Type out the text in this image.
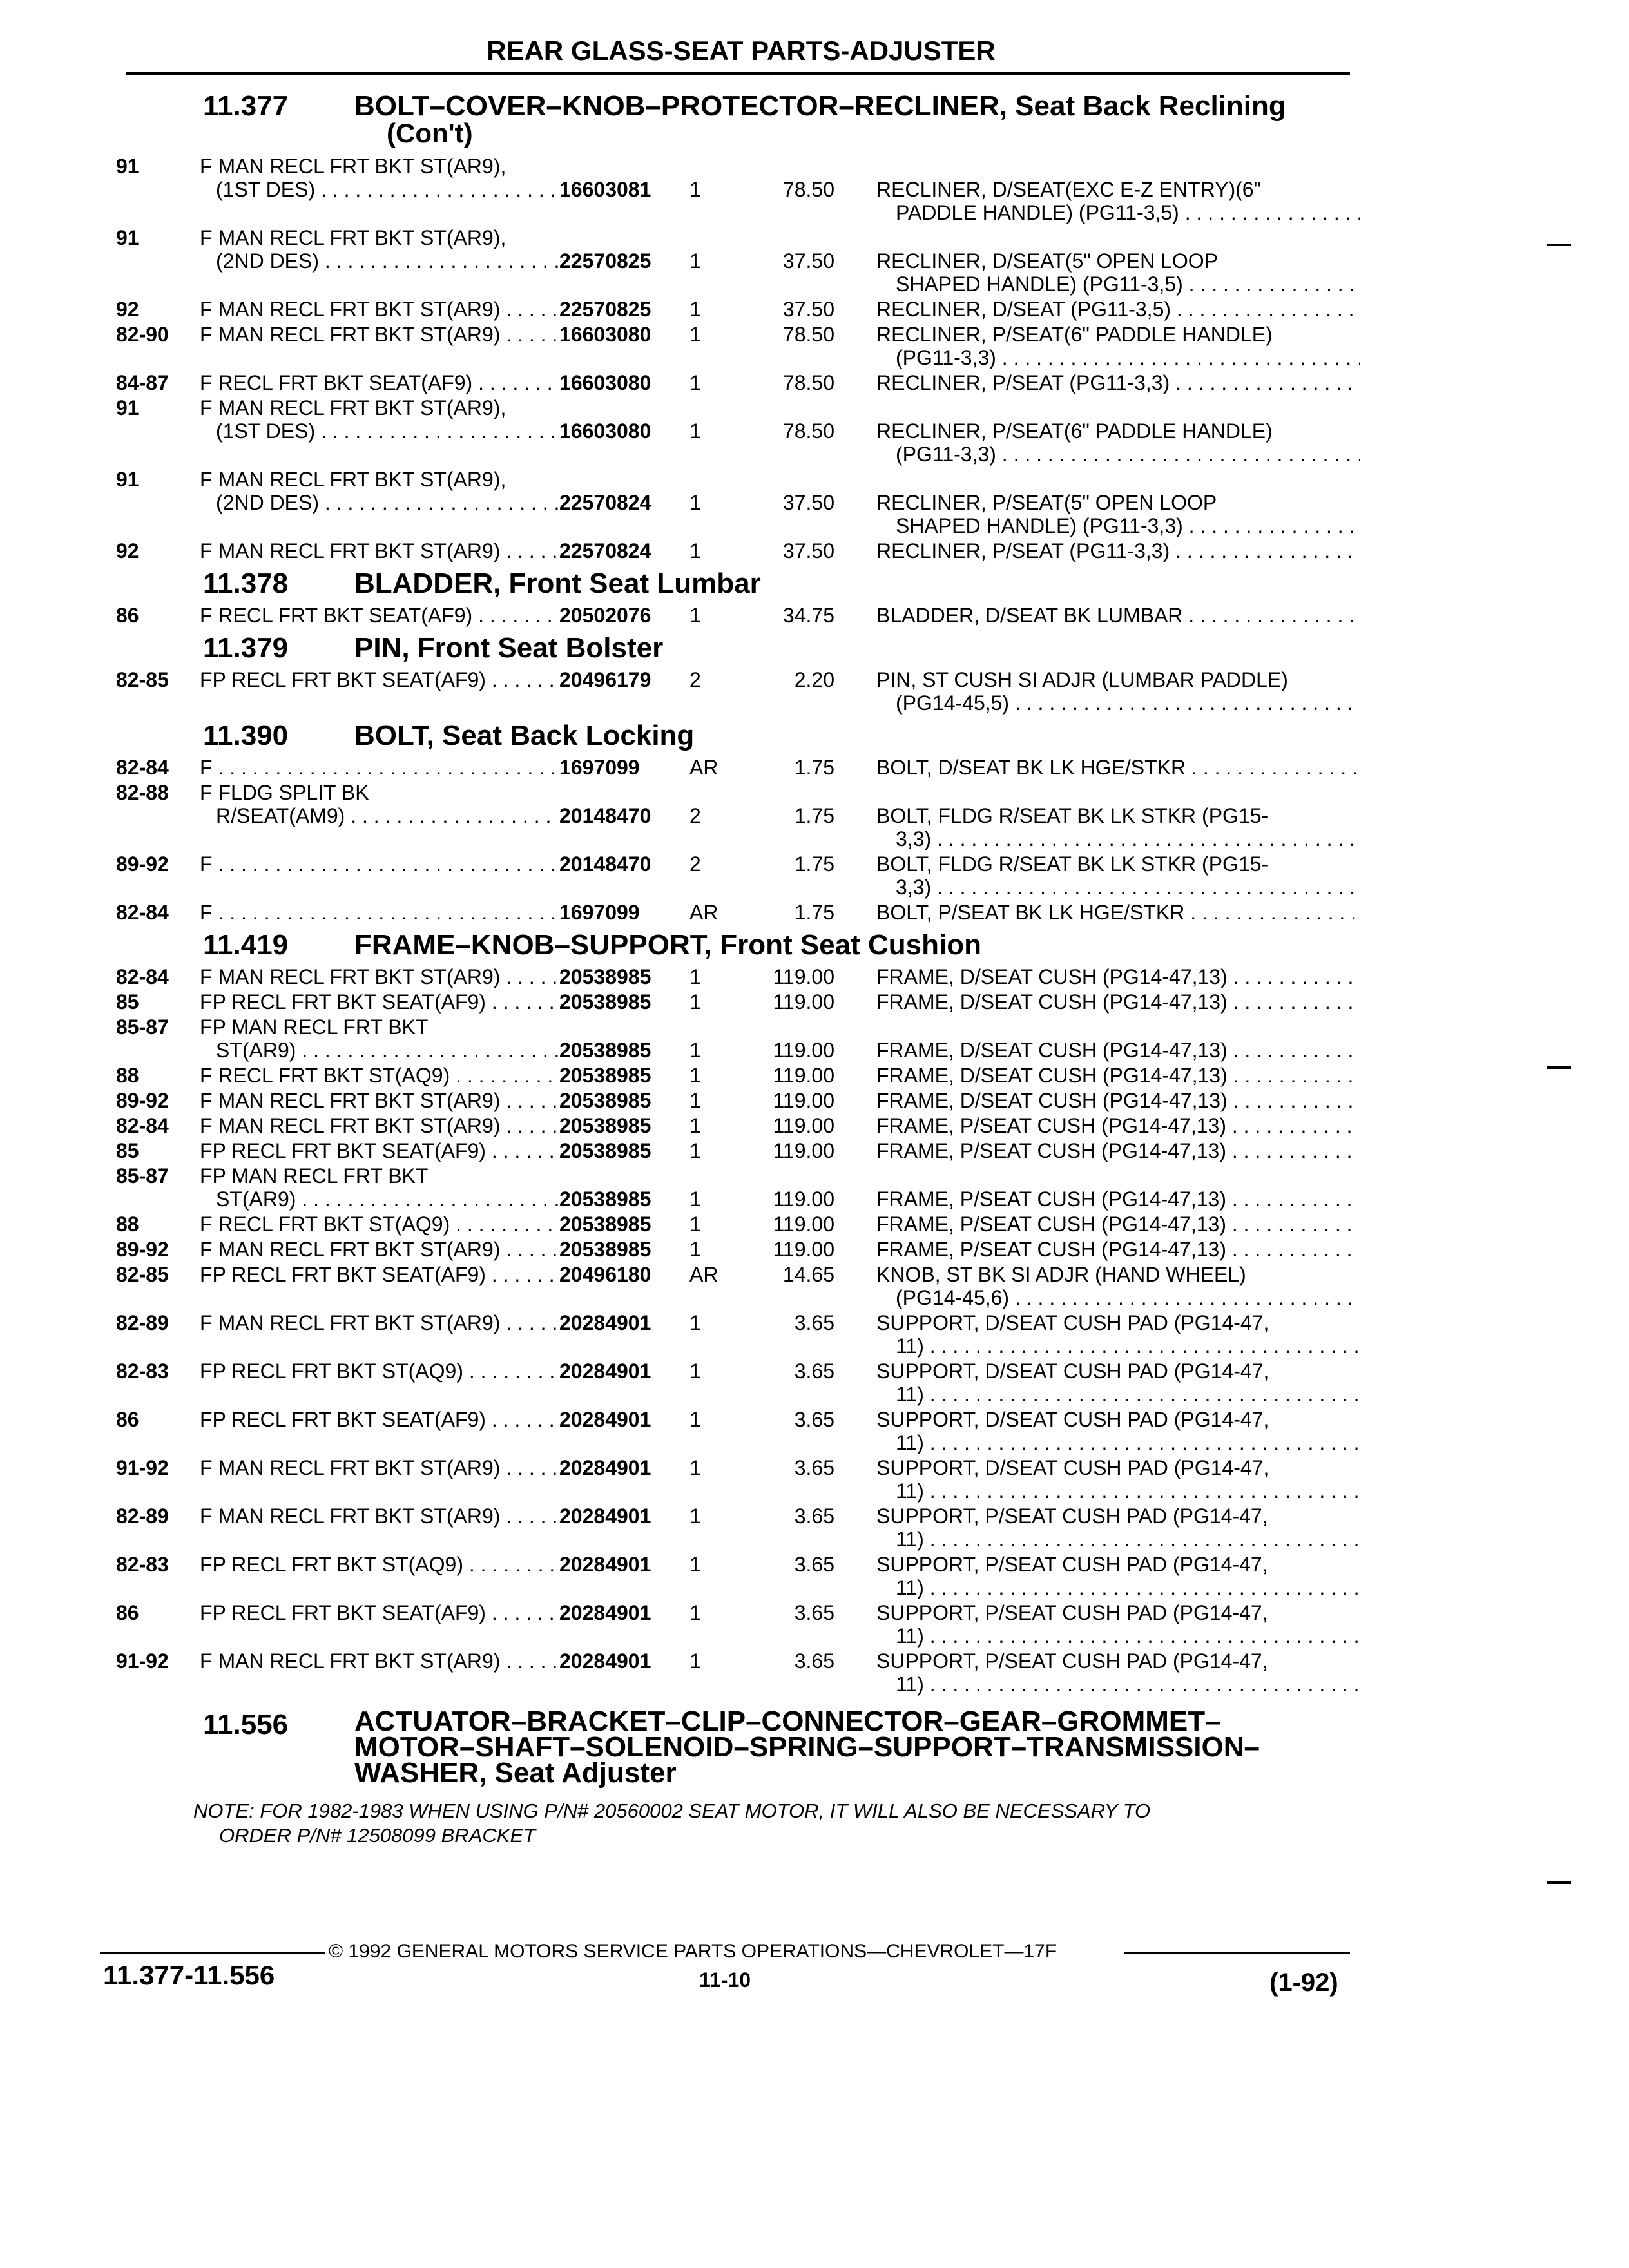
REAR GLASS-SEAT PARTS-ADJUSTER
11.377 BOLT–COVER–KNOB–PROTECTOR–RECLINER, Seat Back Reclining
(Con't)
91	F MAN RECL FRT BKT ST(AR9),
(1ST DES) . . .	16603081	1	78.50 RECLINER, D/SEAT(EXC E-Z ENTRY)(6"
PADDLE HANDLE) (PG11-3,5) . . .
91	F MAN RECL FRT BKT ST(AR9),
(2ND DES) . . .	22570825	1	37.50 RECLINER, D/SEAT(5" OPEN LOOP
SHAPED HANDLE) (PG11-3,5) . . .
92	F MAN RECL FRT BKT ST(AR9) . . .	22570825	1	37.50 RECLINER, D/SEAT (PG11-3,5) . . .
82-90 F MAN RECL FRT BKT ST(AR9) . . .	16603080	1	78.50 RECLINER, P/SEAT(6" PADDLE HANDLE)
(PG11-3,3) . . .
84-87 F RECL FRT BKT SEAT(AF9) . . .	16603080	1	78.50 RECLINER, P/SEAT (PG11-3,3) . . .
91	F MAN RECL FRT BKT ST(AR9),
(1ST DES) . . .	16603080	1	78.50 RECLINER, P/SEAT(6" PADDLE HANDLE)
(PG11-3,3) . . .
91	F MAN RECL FRT BKT ST(AR9),
(2ND DES) . . .	22570824	1	37.50 RECLINER, P/SEAT(5" OPEN LOOP
SHAPED HANDLE) (PG11-3,3) . . .
92	F MAN RECL FRT BKT ST(AR9) . . .	22570824	1	37.50 RECLINER, P/SEAT (PG11-3,3) . . .
11.378 BLADDER, Front Seat Lumbar
86	F RECL FRT BKT SEAT(AF9) . . .	20502076	1	34.75 BLADDER, D/SEAT BK LUMBAR . . .
11.379 PIN, Front Seat Bolster
82-85 FP RECL FRT BKT SEAT(AF9) . . .	20496179	2	2.20 PIN, ST CUSH SI ADJR (LUMBAR PADDLE)
(PG14-45,5) . . .
11.390 BOLT, Seat Back Locking
82-84 F . . .	1697099	AR	1.75 BOLT, D/SEAT BK LK HGE/STKR . . .
82-88 F FLDG SPLIT BK
R/SEAT(AM9) . . .	20148470	2	1.75 BOLT, FLDG R/SEAT BK LK STKR (PG15-
3,3) . . .
89-92 F . . .	20148470	2	1.75 BOLT, FLDG R/SEAT BK LK STKR (PG15-
3,3) . . .
82-84 F . . .	1697099	AR	1.75 BOLT, P/SEAT BK LK HGE/STKR . . .
11.419 FRAME–KNOB–SUPPORT, Front Seat Cushion
82-84 F MAN RECL FRT BKT ST(AR9) . . .	20538985	1	119.00 FRAME, D/SEAT CUSH (PG14-47,13) . . .
85	FP RECL FRT BKT SEAT(AF9) . . .	20538985	1	119.00 FRAME, D/SEAT CUSH (PG14-47,13) . . .
85-87 FP MAN RECL FRT BKT
ST(AR9) . . .	20538985	1	119.00 FRAME, D/SEAT CUSH (PG14-47,13) . . .
88	F RECL FRT BKT ST(AQ9) . . .	20538985	1	119.00 FRAME, D/SEAT CUSH (PG14-47,13) . . .
89-92 F MAN RECL FRT BKT ST(AR9) . . .	20538985	1	119.00 FRAME, D/SEAT CUSH (PG14-47,13) . . .
82-84 F MAN RECL FRT BKT ST(AR9) . . .	20538985	1	119.00 FRAME, P/SEAT CUSH (PG14-47,13) . . .
85	FP RECL FRT BKT SEAT(AF9) . . .	20538985	1	119.00 FRAME, P/SEAT CUSH (PG14-47,13) . . .
85-87 FP MAN RECL FRT BKT
ST(AR9) . . .	20538985	1	119.00 FRAME, P/SEAT CUSH (PG14-47,13) . . .
88	F RECL FRT BKT ST(AQ9) . . .	20538985	1	119.00 FRAME, P/SEAT CUSH (PG14-47,13) . . .
89-92 F MAN RECL FRT BKT ST(AR9) . . .	20538985	1	119.00 FRAME, P/SEAT CUSH (PG14-47,13) . . .
82-85 FP RECL FRT BKT SEAT(AF9) . . .	20496180	AR	14.65 KNOB, ST BK SI ADJR (HAND WHEEL)
(PG14-45,6) . . .
82-89 F MAN RECL FRT BKT ST(AR9) . . .	20284901	1	3.65 SUPPORT, D/SEAT CUSH PAD (PG14-47,
11) . . .
82-83 FP RECL FRT BKT ST(AQ9) . . .	20284901	1	3.65 SUPPORT, D/SEAT CUSH PAD (PG14-47,
11) . . .
86	FP RECL FRT BKT SEAT(AF9) . . .	20284901	1	3.65 SUPPORT, D/SEAT CUSH PAD (PG14-47,
11) . . .
91-92 F MAN RECL FRT BKT ST(AR9) . . .	20284901	1	3.65 SUPPORT, D/SEAT CUSH PAD (PG14-47,
11) . . .
82-89 F MAN RECL FRT BKT ST(AR9) . . .	20284901	1	3.65 SUPPORT, P/SEAT CUSH PAD (PG14-47,
11) . . .
82-83 FP RECL FRT BKT ST(AQ9) . . .	20284901	1	3.65 SUPPORT, P/SEAT CUSH PAD (PG14-47,
11) . . .
86	FP RECL FRT BKT SEAT(AF9) . . .	20284901	1	3.65 SUPPORT, P/SEAT CUSH PAD (PG14-47,
11) . . .
91-92 F MAN RECL FRT BKT ST(AR9) . . .	20284901	1	3.65 SUPPORT, P/SEAT CUSH PAD (PG14-47,
11) . . .
11.556 ACTUATOR–BRACKET–CLIP–CONNECTOR–GEAR–GROMMET–MOTOR–SHAFT–SOLENOID–SPRING–SUPPORT–TRANSMISSION–WASHER, Seat Adjuster
NOTE: FOR 1982-1983 WHEN USING P/N# 20560002 SEAT MOTOR, IT WILL ALSO BE NECESSARY TO
ORDER P/N# 12508099 BRACKET
© 1992 GENERAL MOTORS SERVICE PARTS OPERATIONS—CHEVROLET—17F
11.377-11.556	11-10	(1-92)
